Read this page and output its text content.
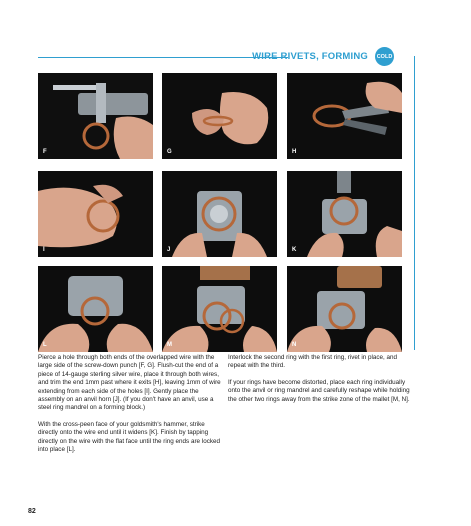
WIRE RIVETS, FORMING	COLD
F	G	H
I	J	K
L	M	N

Pierce a hole through both ends of the overlapped wire with the large side of the screw-down punch [F, G]. Flush-cut the end of a piece of 14-gauge sterling silver wire, place it through both wires, and trim the end 1mm past where it exits [H], leaving 1mm of wire extending from each side of the holes [I]. Gently place the assembly on an anvil horn [J]. (If you don't have an anvil, use a steel ring mandrel on a forming block.)

With the cross-peen face of your goldsmith's hammer, strike directly onto the wire end until it widens [K]. Finish by tapping directly on the wire with the flat face until the ring ends are locked into place [L].

Interlock the second ring with the first ring, rivet in place, and repeat with the third.

If your rings have become distorted, place each ring individually onto the anvil or ring mandrel and carefully reshape while holding the other two rings away from the strike zone of the mallet [M, N].

82
